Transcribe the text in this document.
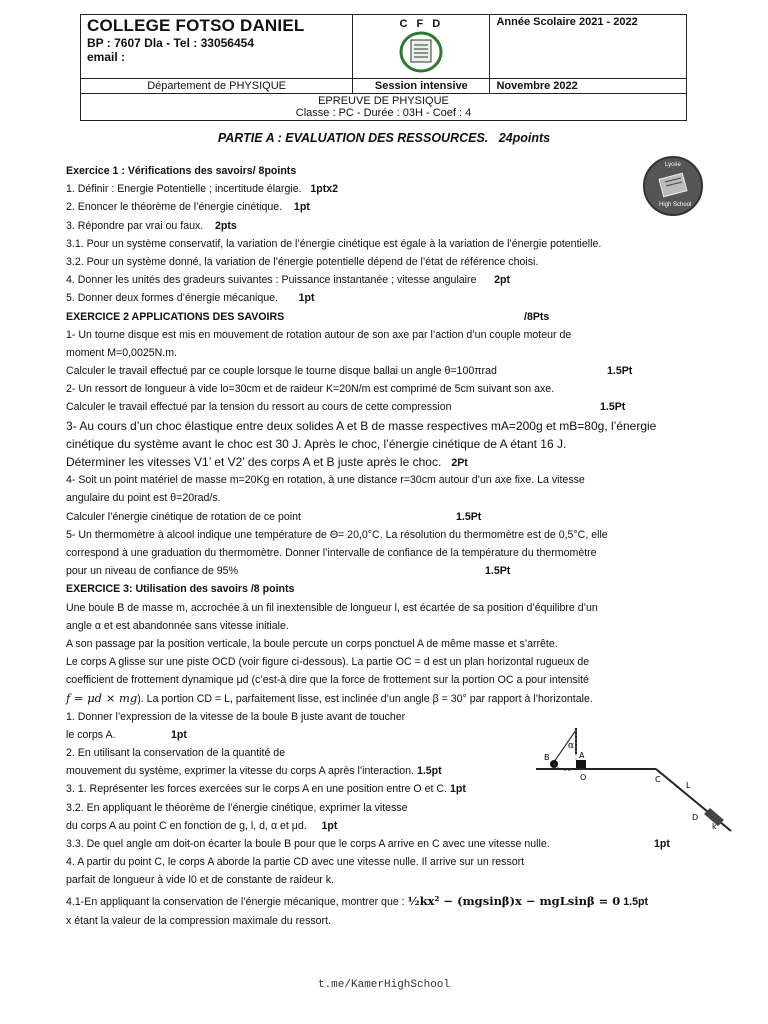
COLLEGE FOTSO DANIEL
BP : 7607 Dla - Tel : 33056454
email :	C F D	Année Scolaire 2021 - 2022

Département de PHYSIQUE	Session intensive	Novembre 2022

EPREUVE DE PHYSIQUE
Classe : PC - Durée : 03H - Coef : 4		
PARTIE A : EVALUATION DES RESSOURCES. 24points
Lycée
High School
Exercice 1 : Vérifications des savoirs/ 8points
1. Définir : Energie Potentielle ; incertitude élargie. 1ptx2
2. Enoncer le théorème de l’énergie cinétique. 1pt
3. Répondre par vrai ou faux. 2pts
3.1. Pour un système conservatif, la variation de l’énergie cinétique est égale à la variation de l’énergie potentielle.
3.2. Pour un système donné, la variation de l’énergie potentielle dépend de l’état de référence choisi.
4. Donner les unités des gradeurs suivantes : Puissance instantanée ; vitesse angulaire 2pt
5. Donner deux formes d’énergie mécanique. 1pt
EXERCICE 2 APPLICATIONS DES SAVOIRS	/8Pts
1- Un tourne disque est mis en mouvement de rotation autour de son axe par l’action d’un couple moteur de
moment M=0,0025N.m.
Calculer le travail effectué par ce couple lorsque le tourne disque ballai un angle θ=100πrad	1.5Pt
2- Un ressort de longueur à vide lo=30cm et de raideur K=20N/m est comprimé de 5cm suivant son axe.
Calculer le travail effectué par la tension du ressort au cours de cette compression	1.5Pt
3- Au cours d’un choc élastique entre deux solides A et B de masse respectives mA=200g et mB=80g, l’énergie
cinétique du système avant le choc est 30 J. Après le choc, l’énergie cinétique de A étant 16 J.
Déterminer les vitesses V1’ et V2’ des corps A et B juste après le choc. 2Pt
4- Soit un point matériel de masse m=20Kg en rotation, à une distance r=30cm autour d’un axe fixe. La vitesse
angulaire du point est θ=20rad/s.
Calculer l’énergie cinétique de rotation de ce point	1.5Pt
5- Un thermomètre à alcool indique une température de Θ= 20,0°C. La résolution du thermomètre est de 0,5°C, elle
correspond à une graduation du thermomètre. Donner l’intervalle de confiance de la température du thermomètre
pour un niveau de confiance de 95%	1.5Pt
EXERCICE 3: Utilisation des savoirs /8 points
Une boule B de masse m, accrochée à un fil inextensible de longueur l, est écartée de sa position d’équilibre d’un
angle α et est abandonnée sans vitesse initiale.
A son passage par la position verticale, la boule percute un corps ponctuel A de même masse et s’arrête.
Le corps A glisse sur une piste OCD (voir figure ci-dessous). La partie OC = d est un plan horizontal rugueux de
coefficient de frottement dynamique μd (c’est-à dire que la force de frottement sur la portion OC a pour intensité
f = μd × mg). La portion CD = L, parfaitement lisse, est inclinée d’un angle β = 30° par rapport à l’horizontale.
1. Donner l’expression de la vitesse de la boule B juste avant de toucher
le corps A.	1pt
2. En utilisant la conservation de la quantité de
mouvement du système, exprimer la vitesse du corps A après l’interaction. 1.5pt
3. 1. Représenter les forces exercées sur le corps A en une position entre O et C. 1pt
3.2. En appliquant le théorème de l’énergie cinétique, exprimer la vitesse
du corps A au point C en fonction de g, l, d, α et μd. 1pt
3.3. De quel angle αm doit-on écarter la boule B pour que le corps A arrive en C avec une vitesse nulle.	1pt
4. A partir du point C, le corps A aborde la partie CD avec une vitesse nulle. Il arrive sur un ressort
parfait de longueur à vide l0 et de constante de raideur k.
4.1-En appliquant la conservation de l’énergie mécanique, montrer que : ½kx² − (mgsinβ)x − mgLsinβ = 0 1.5pt
x étant la valeur de la compression maximale du ressort.
α
B	A
O	C
L
D
k
t.me/KamerHighSchool
